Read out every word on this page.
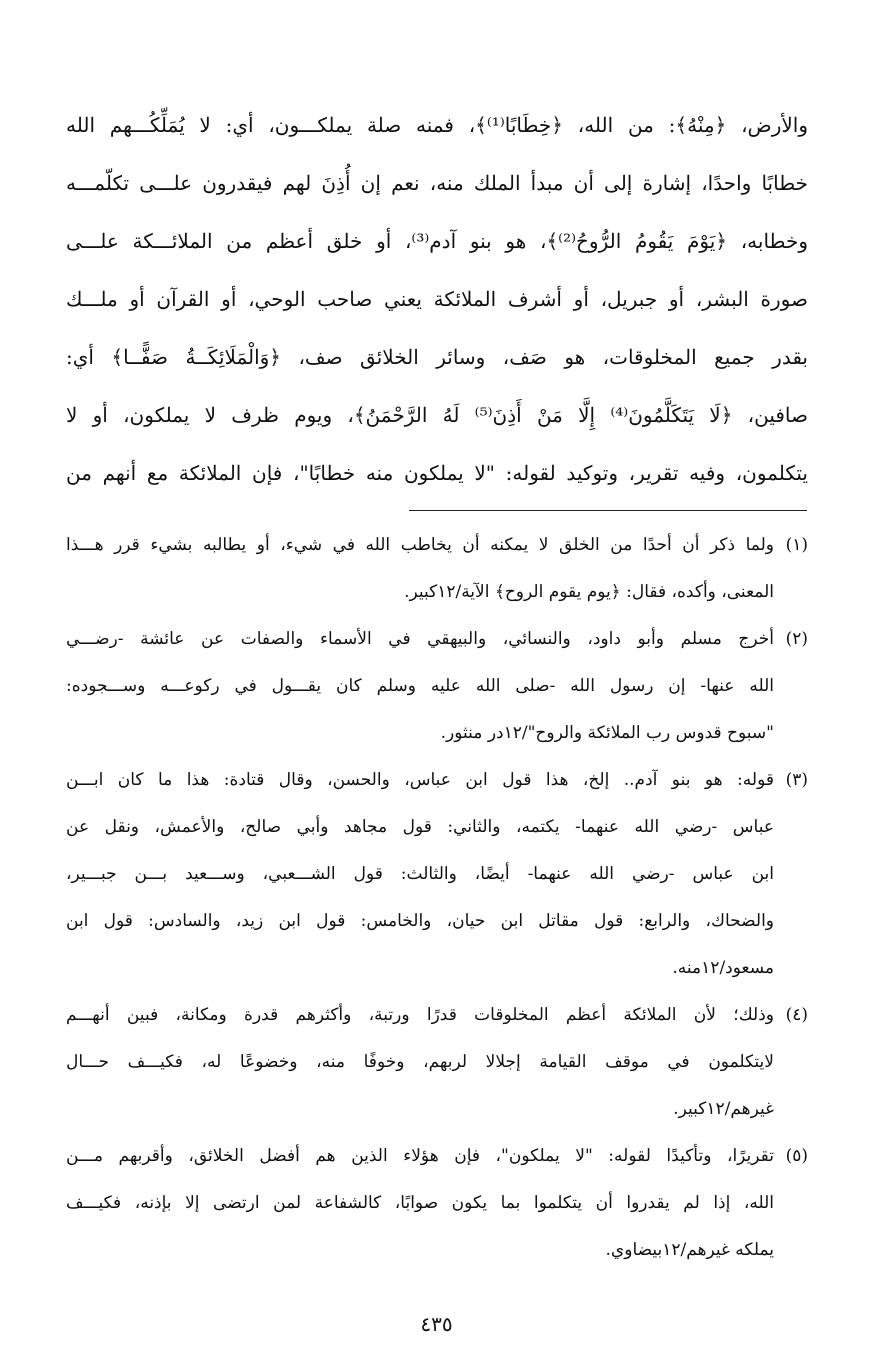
والأرض، ﴿مِنْهُ﴾: من الله، ﴿خِطَابًا⁽¹⁾﴾، فمنه صلة يملكـــون، أي: لا يُمَلِّكُـــهم الله
خطابًا واحدًا، إشارة إلى أن مبدأ الملك منه، نعم إن أُذِنَ لهم فيقدرون علـــى تكلّمـــه
وخطابه، ﴿يَوْمَ يَقُومُ الرُّوحُ⁽²⁾﴾، هو بنو آدم⁽³⁾، أو خلق أعظم من الملائـــكة علـــى
صورة البشر، أو جبريل، أو أشرف الملائكة يعني صاحب الوحي، أو القرآن أو ملـــك
بقدر جميع المخلوقات، هو صَف، وسائر الخلائق صف، ﴿وَالْمَلَائِكَــةُ صَفًّــا﴾ أي:
صافين، ﴿لَا يَتَكَلَّمُونَ⁽⁴⁾ إِلَّا مَنْ أَذِنَ⁽⁵⁾ لَهُ الرَّحْمَنُ﴾، ويوم ظرف لا يملكون، أو لا
يتكلمون، وفيه تقرير، وتوكيد لقوله: "لا يملكون منه خطابًا"، فإن الملائكة مع أنهم من
(١)
ولما ذكر أن أحدًا من الخلق لا يمكنه أن يخاطب الله في شيء، أو يطالبه بشيء قرر هـــذا
المعنى، وأكده، فقال: ﴿يوم يقوم الروح﴾ الآية/١٢كبير.
(٢)
أخرج مسلم وأبو داود، والنسائي، والبيهقي في الأسماء والصفات عن عائشة -رضـــي
الله عنها- إن رسول الله -صلى الله عليه وسلم كان يقـــول في ركوعـــه وســـجوده:
"سبوح قدوس رب الملائكة والروح"/١٢در منثور.
(٣)
قوله: هو بنو آدم.. إلخ، هذا قول ابن عباس، والحسن، وقال قتادة: هذا ما كان ابـــن
عباس -رضي الله عنهما- يكتمه، والثاني: قول مجاهد وأبي صالح، والأعمش، ونقل عن
ابن عباس -رضي الله عنهما- أيضًا، والثالث: قول الشـــعبي، وســـعيد بـــن جبـــير،
والضحاك، والرابع: قول مقاتل ابن حيان، والخامس: قول ابن زيد، والسادس: قول ابن
مسعود/١٢منه.
(٤)
وذلك؛ لأن الملائكة أعظم المخلوقات قدرًا ورتبة، وأكثرهم قدرة ومكانة، فبين أنهـــم
لايتكلمون في موقف القيامة إجلالا لربهم، وخوفًا منه، وخضوعًا له، فكيـــف حـــال
غيرهم/١٢كبير.
(٥)
تقريرًا، وتأكيدًا لقوله: "لا يملكون"، فإن هؤلاء الذين هم أفضل الخلائق، وأقربهم مـــن
الله، إذا لم يقدروا أن يتكلموا بما يكون صوابًا، كالشفاعة لمن ارتضى إلا بإذنه، فكيـــف
يملكه غيرهم/١٢بيضاوي.
٤٣٥
